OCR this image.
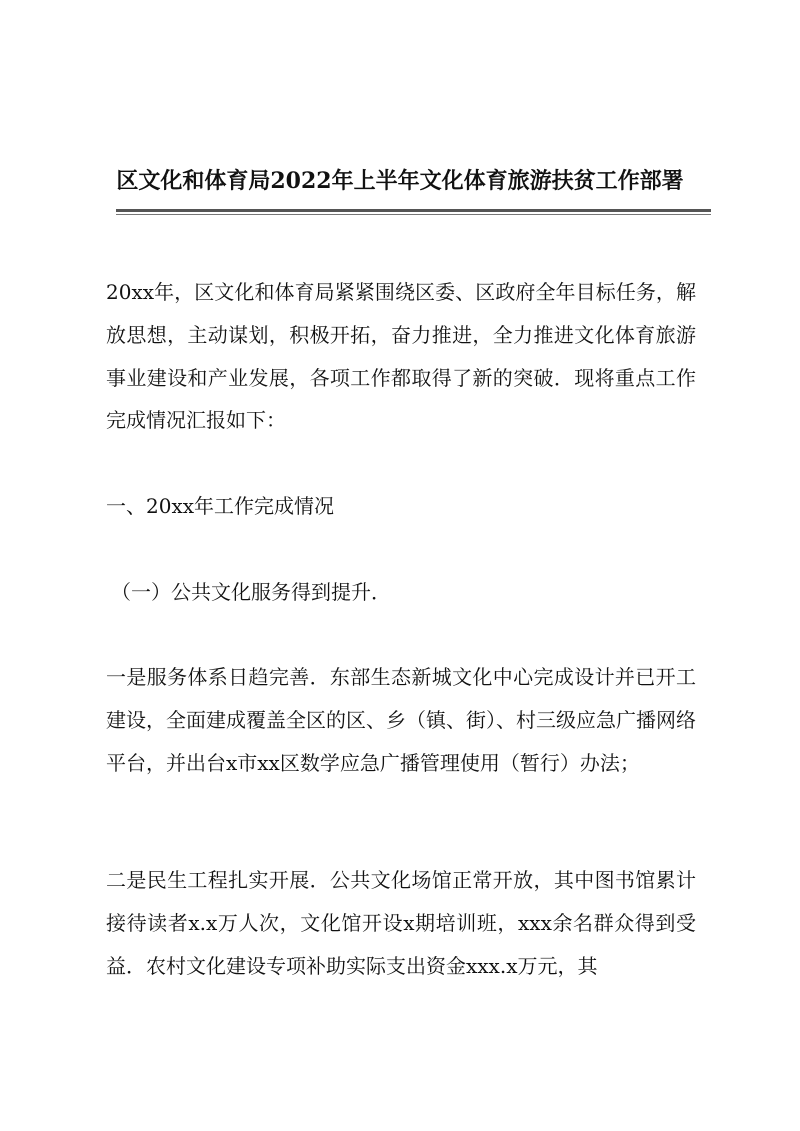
区文化和体育局2022年上半年文化体育旅游扶贫工作部署
20xx年，区文化和体育局紧紧围绕区委、区政府全年目标任务，解放思想，主动谋划，积极开拓，奋力推进，全力推进文化体育旅游事业建设和产业发展，各项工作都取得了新的突破．现将重点工作完成情况汇报如下：
一、20xx年工作完成情况
（一）公共文化服务得到提升．
一是服务体系日趋完善．东部生态新城文化中心完成设计并已开工建设，全面建成覆盖全区的区、乡（镇、街）、村三级应急广播网络平台，并出台x市xx区数学应急广播管理使用（暂行）办法；
二是民生工程扎实开展．公共文化场馆正常开放，其中图书馆累计接待读者x.x万人次，文化馆开设x期培训班，xxx余名群众得到受益．农村文化建设专项补助实际支出资金xxx.x万元，其
